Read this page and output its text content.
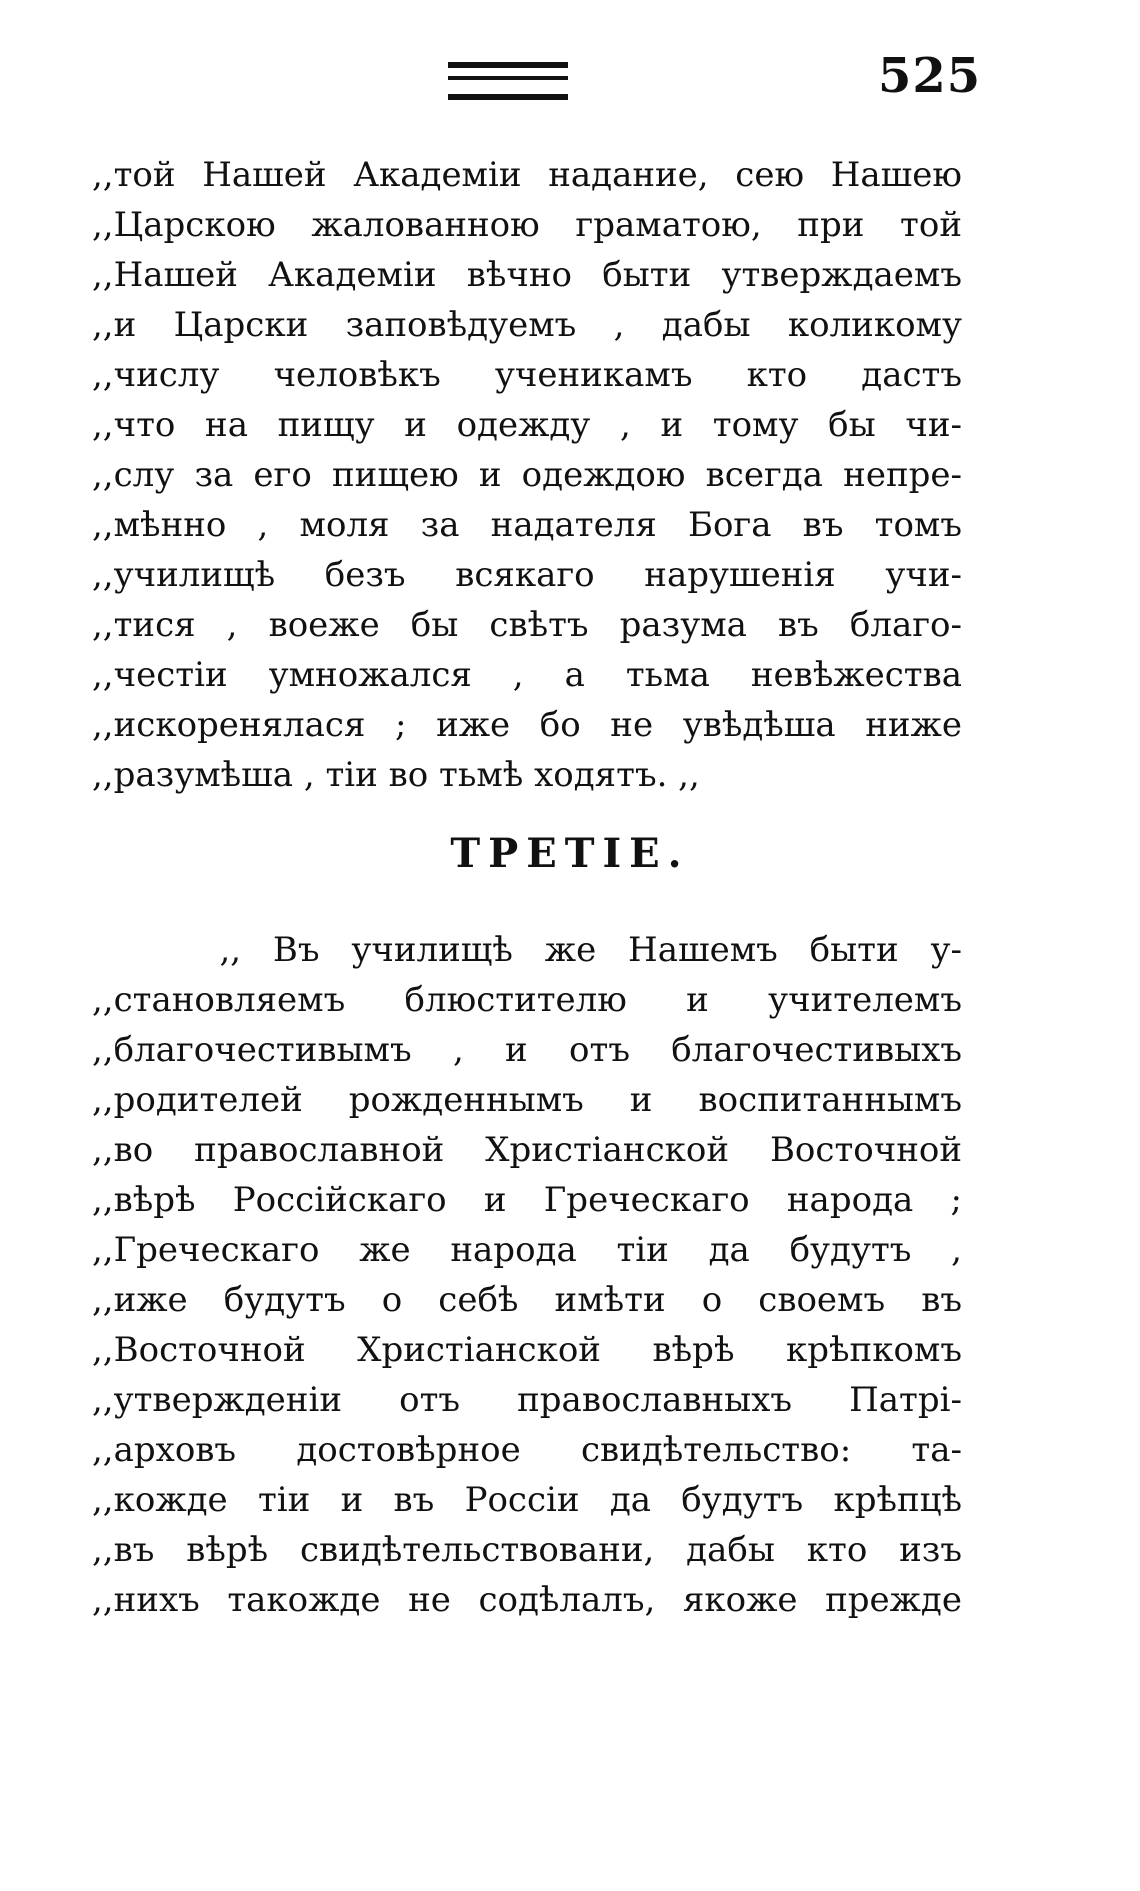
525
,,той Нашей Академіи надание, сею Нашею
,,Царскою жалованною граматою, при той
,,Нашей Академіи вѣчно быти утверждаемъ
,,и Царски заповѣдуемъ , дабы коликому
,,числу человѣкъ ученикамъ кто дастъ
,,что на пищу и одежду , и тому бы чи-
,,слу за его пищею и одеждою всегда непре-
,,мѣнно , моля за надателя Бога въ томъ
,,училищѣ безъ всякаго нарушенія учи-
,,тися , воеже бы свѣтъ разума въ благо-
,,честіи умножался , а тьма невѣжества
,,искоренялася ; иже бо не увѣдѣша ниже
,,разумѣша , тіи во тьмѣ ходятъ. ,,
ТРЕТІЕ.
,, Въ училищѣ же Нашемъ быти у-
,,становляемъ блюстителю и учителемъ
,,благочестивымъ , и отъ благочестивыхъ
,,родителей рожденнымъ и воспитаннымъ
,,во православной Христіанской Восточной
,,вѣрѣ Россійскаго и Греческаго народа ;
,,Греческаго же народа тіи да будутъ ,
,,иже будутъ о себѣ имѣти о своемъ въ
,,Восточной Христіанской вѣрѣ крѣпкомъ
,,утвержденіи отъ православныхъ Патрі-
,,арховъ достовѣрное свидѣтельство: та-
,,кожде тіи и въ Россіи да будутъ крѣпцѣ
,,въ вѣрѣ свидѣтельствовани, дабы кто изъ
,,нихъ такожде не содѣлалъ, якоже прежде
